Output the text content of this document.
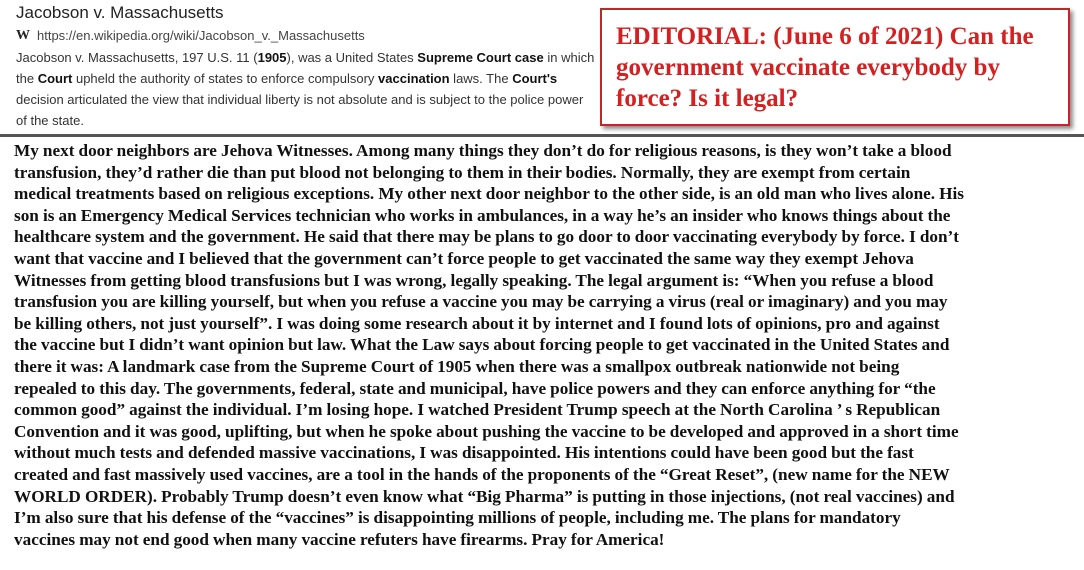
Jacobson v. Massachusetts
W https://en.wikipedia.org/wiki/Jacobson_v._Massachusetts
Jacobson v. Massachusetts, 197 U.S. 11 (1905), was a United States Supreme Court case in which the Court upheld the authority of states to enforce compulsory vaccination laws. The Court's decision articulated the view that individual liberty is not absolute and is subject to the police power of the state.
EDITORIAL: (June 6 of 2021) Can the government vaccinate everybody by force? Is it legal?
My next door neighbors are Jehova Witnesses. Among many things they don’t do for religious reasons, is they won’t take a blood
transfusion, they’d rather die than put blood not belonging to them in their bodies. Normally, they are exempt from certain
medical treatments based on religious exceptions. My other next door neighbor to the other side, is an old man who lives alone. His
son is an Emergency Medical Services technician who works in ambulances, in a way he’s an insider who knows things about the
healthcare system and the government. He said that there may be plans to go door to door vaccinating everybody by force. I don’t
want that vaccine and I believed that the government can’t force people to get vaccinated the same way they exempt Jehova
Witnesses from getting blood transfusions but I was wrong, legally speaking. The legal argument is: “When you refuse a blood
transfusion you are killing yourself, but when you refuse a vaccine you may be carrying a virus (real or imaginary) and you may
be killing others, not just yourself”. I was doing some research about it by internet and I found lots of opinions, pro and against
the vaccine but I didn’t want opinion but law. What the Law says about forcing people to get vaccinated in the United States and
there it was: A landmark case from the Supreme Court of 1905 when there was a smallpox outbreak nationwide not being
repealed to this day. The governments, federal, state and municipal, have police powers and they can enforce anything for “the
common good” against the individual. I’m losing hope. I watched President Trump speech at the North Carolina ’ s Republican
Convention and it was good, uplifting, but when he spoke about pushing the vaccine to be developed and approved in a short time
without much tests and defended massive vaccinations, I was disappointed. His intentions could have been good but the fast
created and fast massively used vaccines, are a tool in the hands of the proponents of the “Great Reset”, (new name for the NEW
WORLD ORDER). Probably Trump doesn’t even know what “Big Pharma” is putting in those injections, (not real vaccines) and
I’m also sure that his defense of the “vaccines” is disappointing millions of people, including me. The plans for mandatory
vaccines may not end good when many vaccine refuters have firearms. Pray for America!
